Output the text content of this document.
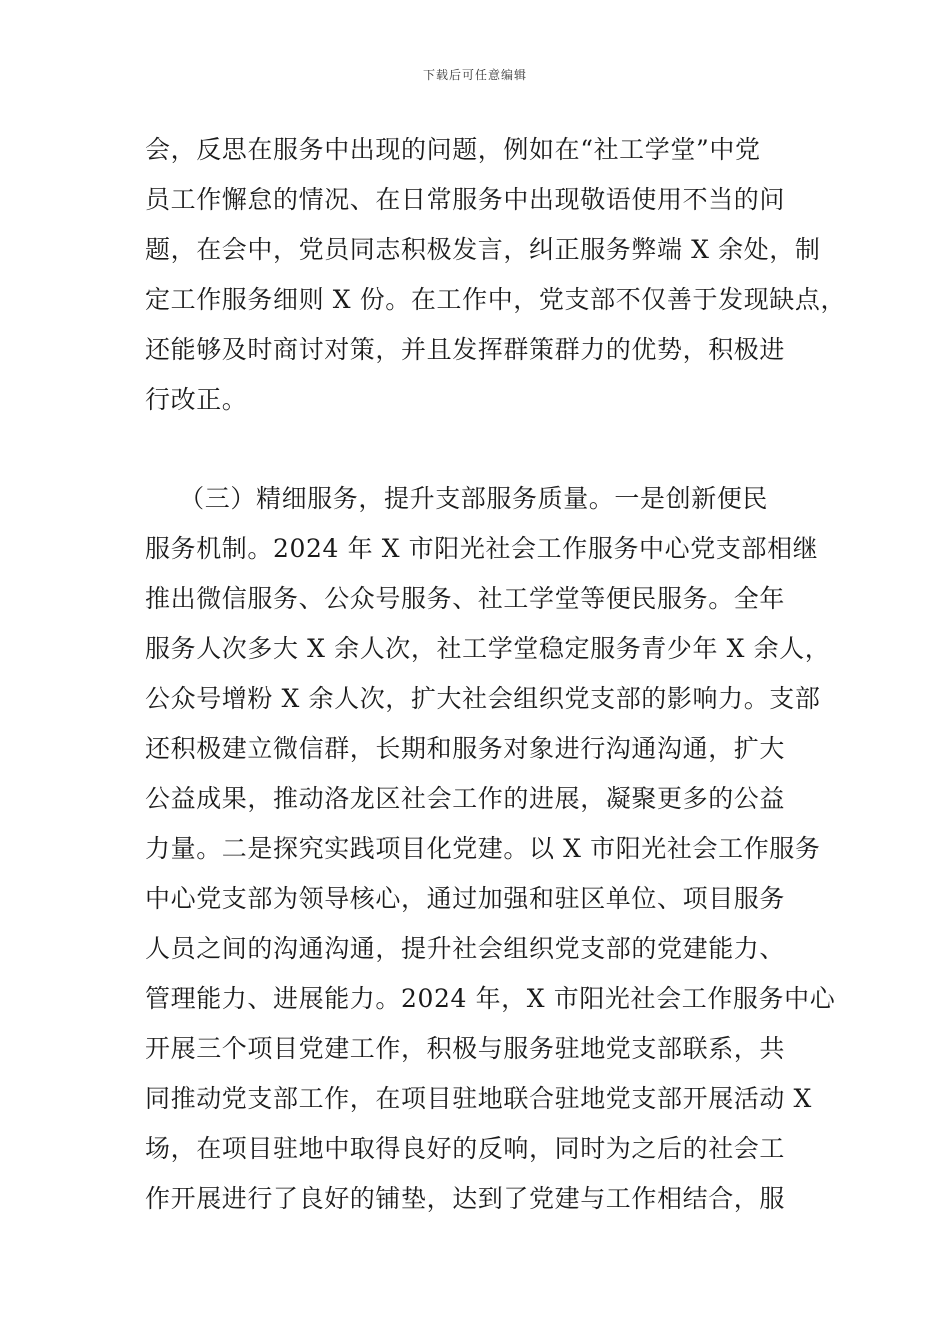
下载后可任意编辑
会，反思在服务中出现的问题，例如在“社工学堂”中党
员工作懈怠的情况、在日常服务中出现敬语使用不当的问
题，在会中，党员同志积极发言，纠正服务弊端 X 余处，制
定工作服务细则 X 份。在工作中，党支部不仅善于发现缺点，
还能够及时商讨对策，并且发挥群策群力的优势，积极进
行改正。
（三）精细服务，提升支部服务质量。一是创新便民
服务机制。2024 年 X 市阳光社会工作服务中心党支部相继
推出微信服务、公众号服务、社工学堂等便民服务。全年
服务人次多大 X 余人次，社工学堂稳定服务青少年 X 余人，
公众号增粉 X 余人次，扩大社会组织党支部的影响力。支部
还积极建立微信群，长期和服务对象进行沟通沟通，扩大
公益成果，推动洛龙区社会工作的进展，凝聚更多的公益
力量。二是探究实践项目化党建。以 X 市阳光社会工作服务
中心党支部为领导核心，通过加强和驻区单位、项目服务
人员之间的沟通沟通，提升社会组织党支部的党建能力、
管理能力、进展能力。2024 年，X 市阳光社会工作服务中心
开展三个项目党建工作，积极与服务驻地党支部联系，共
同推动党支部工作，在项目驻地联合驻地党支部开展活动 X
场，在项目驻地中取得良好的反响，同时为之后的社会工
作开展进行了良好的铺垫，达到了党建与工作相结合，服
